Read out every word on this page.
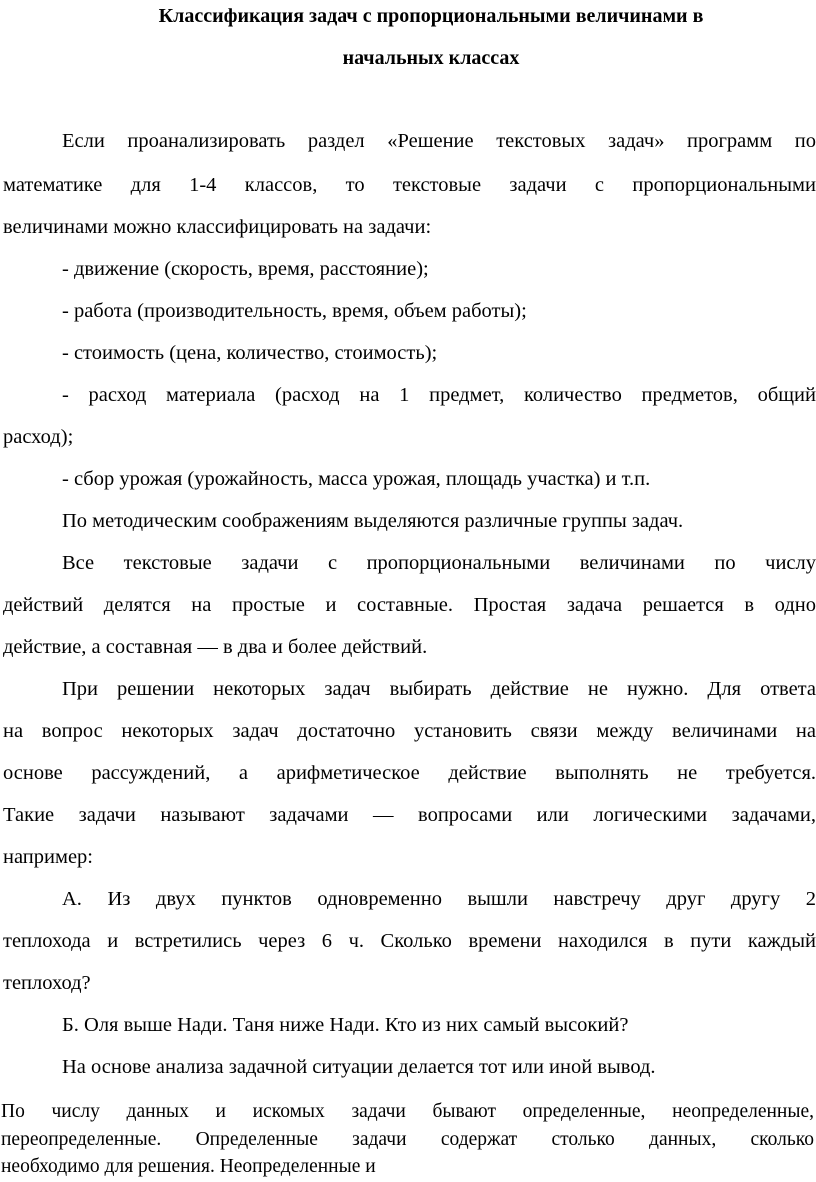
Классификация задач с пропорциональными величинами в

начальных классах

Если проанализировать раздел «Решение текстовых задач» программ по

математике для 1-4 классов, то текстовые задачи с пропорциональными

величинами можно классифицировать на задачи:

- движение (скорость, время, расстояние);

- работа (производительность, время, объем работы);

- стоимость (цена, количество, стоимость);

- расход материала (расход на 1 предмет, количество предметов, общий

расход);

- сбор урожая (урожайность, масса урожая, площадь участка) и т.п.

По методическим соображениям выделяются различные группы задач.

Все текстовые задачи с пропорциональными величинами по числу

действий делятся на простые и составные. Простая задача решается в одно

действие, а составная — в два и более действий.

При решении некоторых задач выбирать действие не нужно. Для ответа

на вопрос некоторых задач достаточно установить связи между величинами на

основе рассуждений, а арифметическое действие выполнять не требуется.

Такие задачи называют задачами — вопросами или логическими задачами,

например:

А. Из двух пунктов одновременно вышли навстречу друг другу 2

теплохода и встретились через 6 ч. Сколько времени находился в пути каждый

теплоход?

Б. Оля выше Нади. Таня ниже Нади. Кто из них самый высокий?

На основе анализа задачной ситуации делается тот или иной вывод.

По числу данных и искомых задачи бывают определенные, неопределенные,

переопределенные. Определенные задачи содержат столько данных, сколько

необходимо для решения. Неопределенные и
